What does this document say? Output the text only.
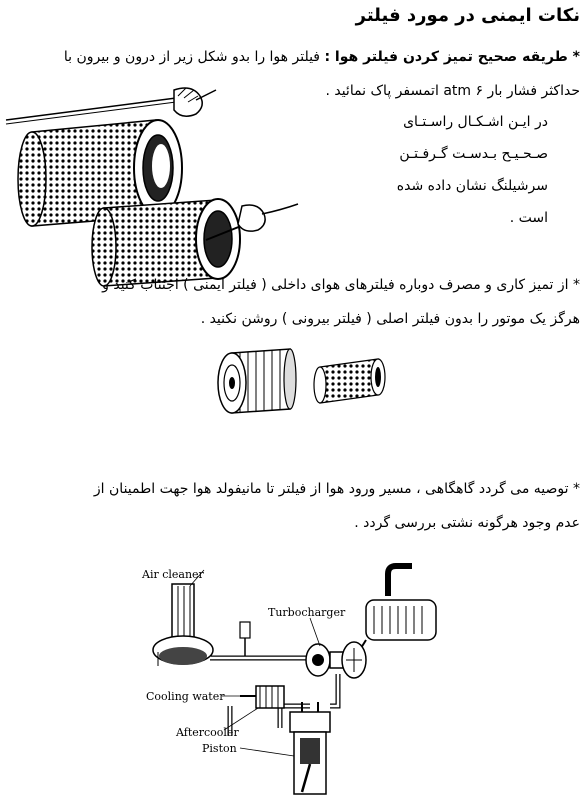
نکات ایمنی در مورد فیلتر
* طریقه صحیح تمیز کردن فیلتر هوا : فیلتر هوا را بدو شکل زیر از درون و بیرون با
حداکثر فشار بار atm ۶ اتمسفر پاک نمائید .
در ایـن اشـکـال راسـتـای
صـحـیـح بـدسـت گـرفـتـن
سرشیلنگ نشان داده شده
است .
* از تمیز کاری و مصرف دوباره فیلترهای هوای داخلی ( فیلتر ایمنی ) اجتناب کنید و
هرگز یک موتور را بدون فیلتر اصلی ( فیلتر بیرونی ) روشن نکنید .
* توصیه می گردد گاهگاهی ، مسیر ورود هوا از فیلتر تا مانیفولد هوا جهت اطمینان از
عدم وجود هرگونه نشتی بررسی گردد .
Air cleaner
Turbocharger
Cooling water
Aftercooler
Piston
